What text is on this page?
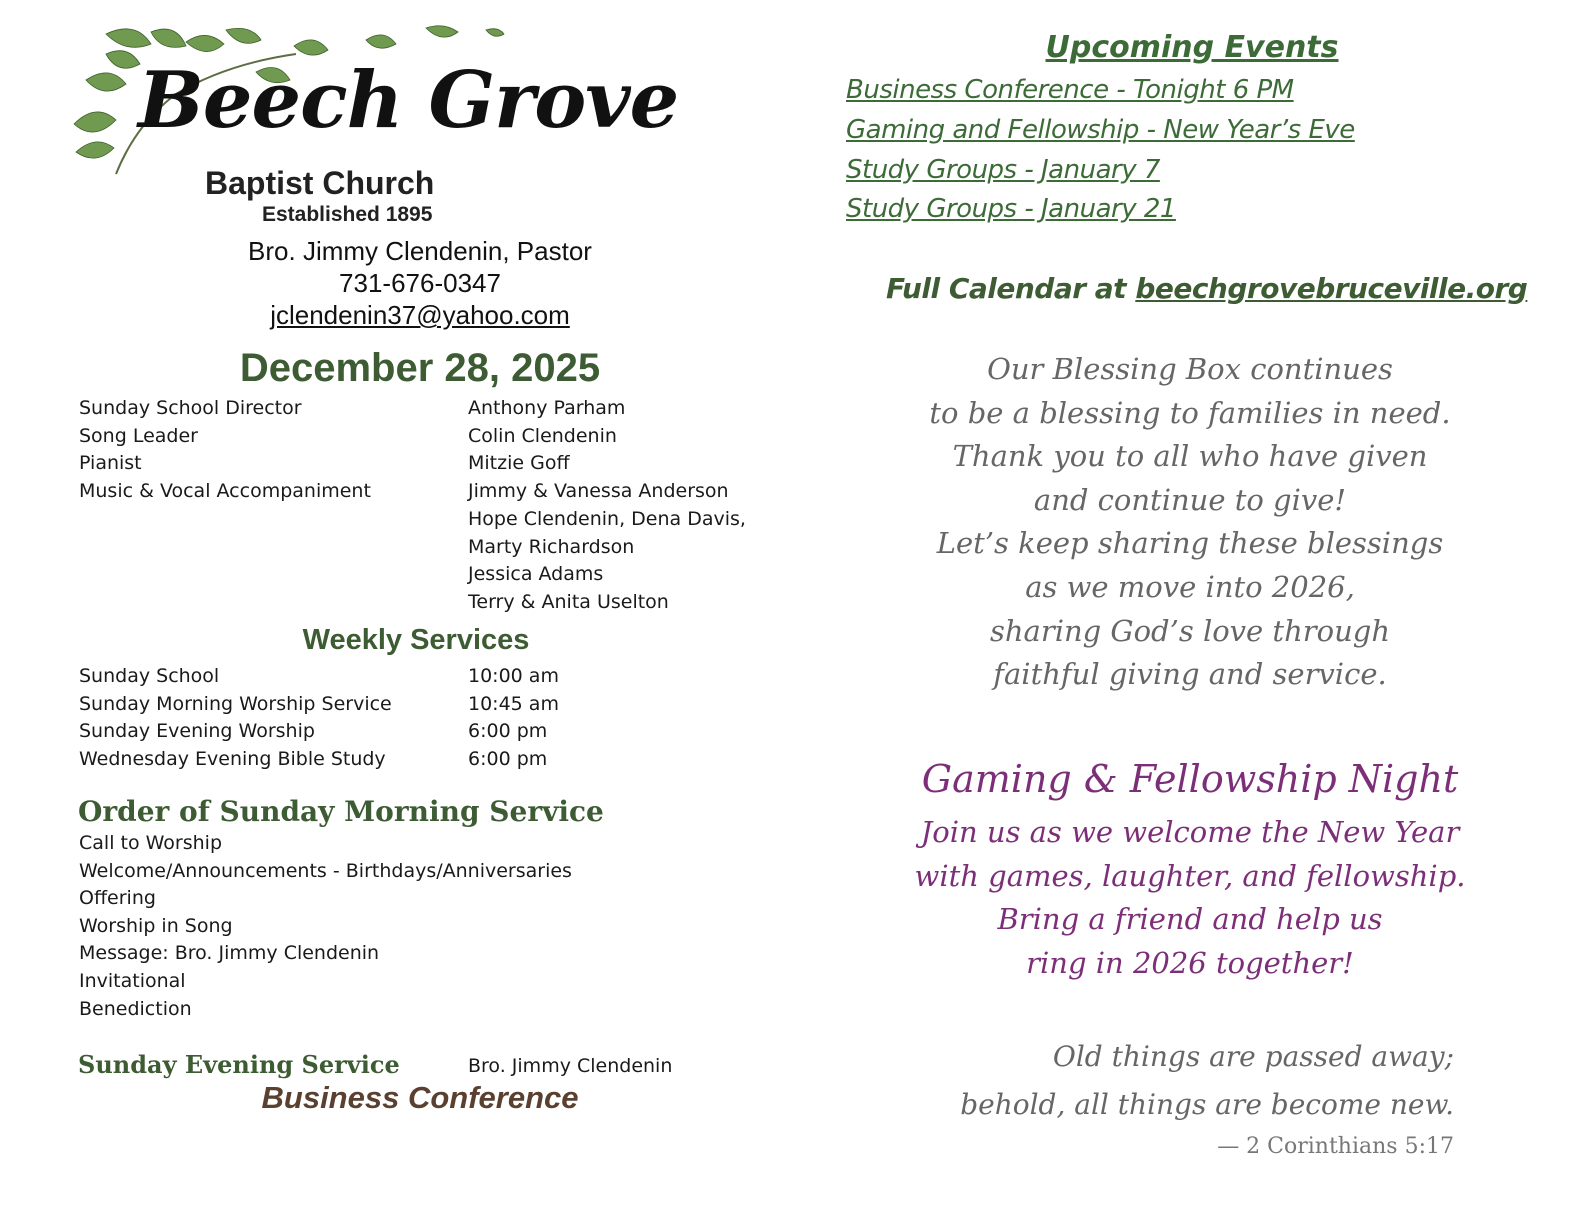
Beech Grove
Baptist Church
Established 1895
Bro. Jimmy Clendenin, Pastor
731-676-0347
jclendenin37@yahoo.com
December 28, 2025
Sunday School Director	Anthony Parham
Song Leader	Colin Clendenin
Pianist	Mitzie Goff
Music & Vocal Accompaniment	Jimmy & Vanessa Anderson
Hope Clendenin, Dena Davis,
Marty Richardson
Jessica Adams
Terry & Anita Uselton
Weekly Services
Sunday School	10:00 am
Sunday Morning Worship Service	10:45 am
Sunday Evening Worship	6:00 pm
Wednesday Evening Bible Study	6:00 pm
Order of Sunday Morning Service
Call to Worship
Welcome/Announcements - Birthdays/Anniversaries
Offering
Worship in Song
Message: Bro. Jimmy Clendenin
Invitational
Benediction
Sunday Evening Service	Bro. Jimmy Clendenin
Business Conference
Upcoming Events
Business Conference - Tonight 6 PM
Gaming and Fellowship - New Year’s Eve
Study Groups - January 7
Study Groups - January 21
Full Calendar at beechgrovebruceville.org
Our Blessing Box continues
to be a blessing to families in need.
Thank you to all who have given
and continue to give!
Let’s keep sharing these blessings
as we move into 2026,
sharing God’s love through
faithful giving and service.
Gaming & Fellowship Night
Join us as we welcome the New Year
with games, laughter, and fellowship.
Bring a friend and help us
ring in 2026 together!
Old things are passed away;
behold, all things are become new.
— 2 Corinthians 5:17
